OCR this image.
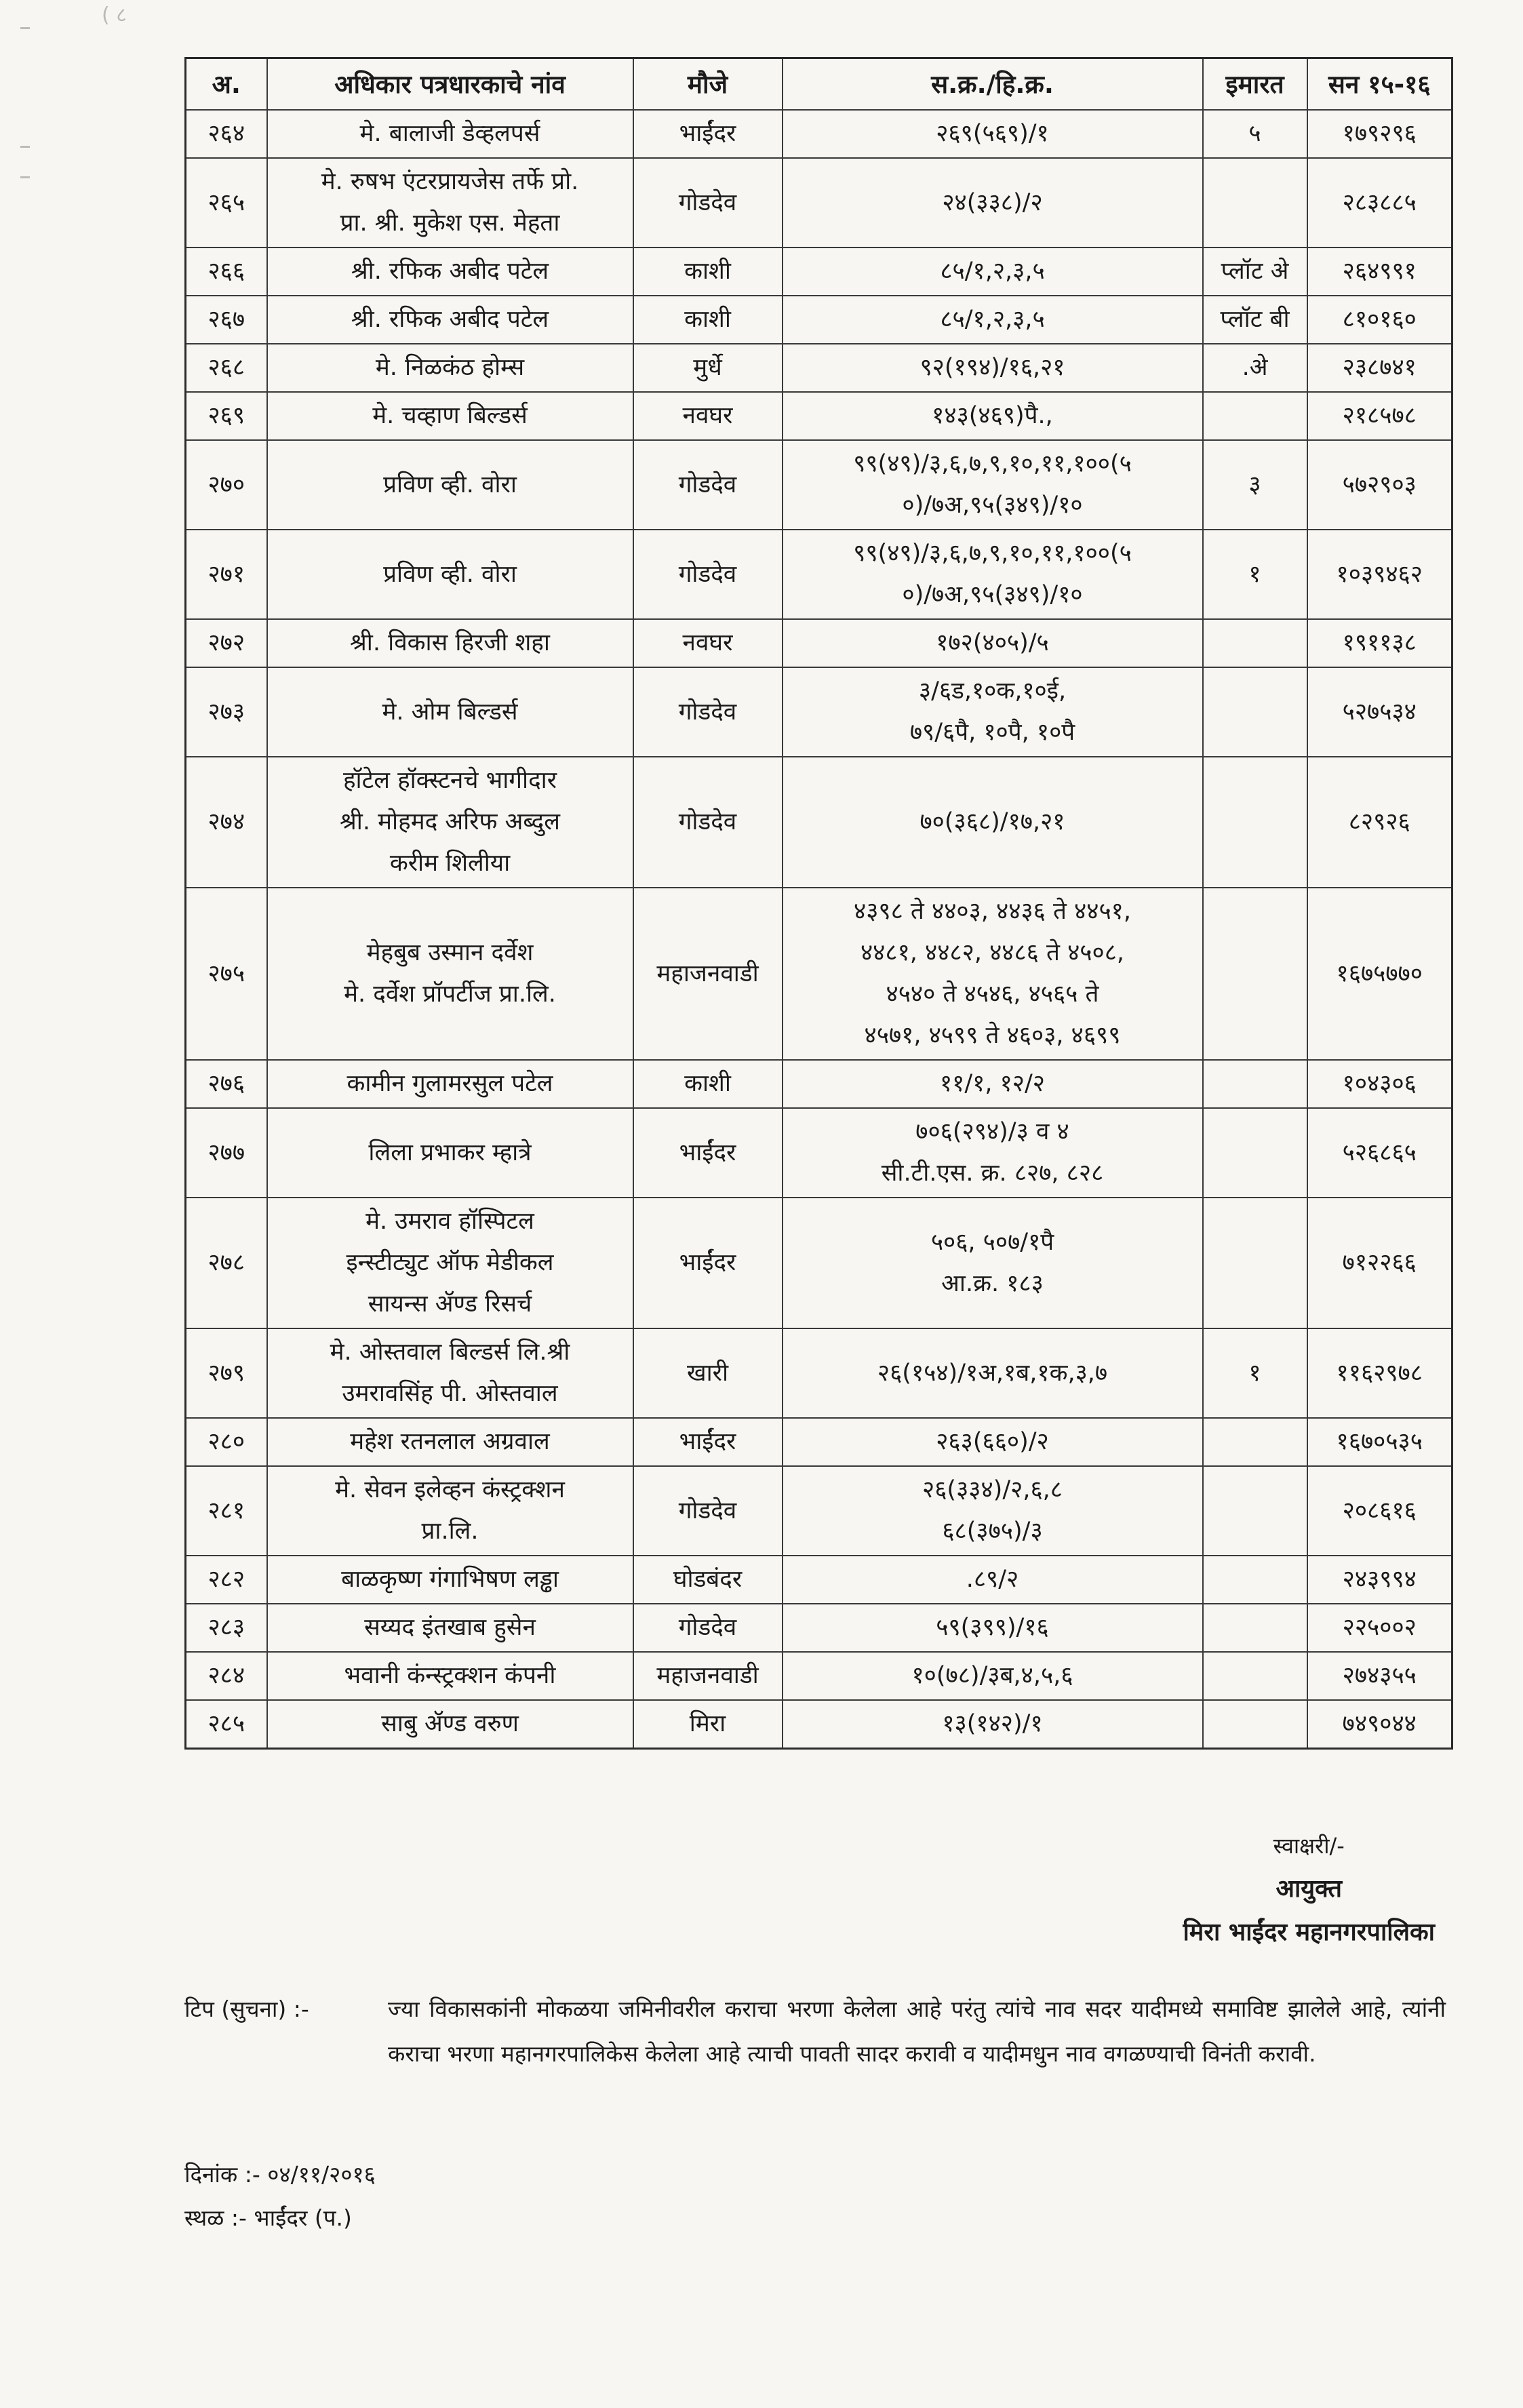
( ८
अ.	अधिकार पत्रधारकाचे नांव	मौजे	स.क्र./हि.क्र.	इमारत	सन १५-१६
२६४	मे. बालाजी डेव्हलपर्स	भाईंदर	२६९(५६९)/१	५	१७९२९६
२६५	मे. रुषभ एंटरप्रायजेस तर्फे प्रो.
प्रा. श्री. मुकेश एस. मेहता	गोडदेव	२४(३३८)/२		२८३८८५
२६६	श्री. रफिक अबीद पटेल	काशी	८५/१,२,३,५	प्लॉट अे	२६४९९१
२६७	श्री. रफिक अबीद पटेल	काशी	८५/१,२,३,५	प्लॉट बी	८१०१६०
२६८	मे. निळकंठ होम्स	मुर्धे	९२(१९४)/१६,२१	.अे	२३८७४१
२६९	मे. चव्हाण बिल्डर्स	नवघर	१४३(४६९)पै.,		२१८५७८
२७०	प्रविण व्ही. वोरा	गोडदेव	९९(४९)/३,६,७,९,१०,११,१००(५
०)/७अ,९५(३४९)/१०	३	५७२९०३
२७१	प्रविण व्ही. वोरा	गोडदेव	९९(४९)/३,६,७,९,१०,११,१००(५
०)/७अ,९५(३४९)/१०	१	१०३९४६२
२७२	श्री. विकास हिरजी शहा	नवघर	१७२(४०५)/५		१९११३८
२७३	मे. ओम बिल्डर्स	गोडदेव	३/६ड,१०क,१०ई,
७९/६पै, १०पै, १०पै		५२७५३४
२७४	हॉटेल हॉक्स्टनचे भागीदार
श्री. मोहमद अरिफ अब्दुल
करीम शिलीया	गोडदेव	७०(३६८)/१७,२१		८२९२६
२७५	मेहबुब उस्मान दर्वेश
मे. दर्वेश प्रॉपर्टीज प्रा.लि.	महाजनवाडी	४३९८ ते ४४०३, ४४३६ ते ४४५१,
४४८१, ४४८२, ४४८६ ते ४५०८,
४५४० ते ४५४६, ४५६५ ते
४५७१, ४५९९ ते ४६०३, ४६९९		१६७५७७०
२७६	कामीन गुलामरसुल पटेल	काशी	११/१, १२/२		१०४३०६
२७७	लिला प्रभाकर म्हात्रे	भाईंदर	७०६(२९४)/३ व ४
सी.टी.एस. क्र. ८२७, ८२८		५२६८६५
२७८	मे. उमराव हॉस्पिटल
इन्स्टीट्युट ऑफ मेडीकल
सायन्स ॲण्ड रिसर्च	भाईंदर	५०६, ५०७/१पै
आ.क्र. १८३		७१२२६६
२७९	मे. ओस्तवाल बिल्डर्स लि.श्री
उमरावसिंह पी. ओस्तवाल	खारी	२६(१५४)/१अ,१ब,१क,३,७	१	११६२९७८
२८०	महेश रतनलाल अग्रवाल	भाईंदर	२६३(६६०)/२		१६७०५३५
२८१	मे. सेवन इलेव्हन कंस्ट्रक्शन
प्रा.लि.	गोडदेव	२६(३३४)/२,६,८
६८(३७५)/३		२०८६१६
२८२	बाळकृष्ण गंगाभिषण लड्ढा	घोडबंदर	.८९/२		२४३९९४
२८३	सय्यद इंतखाब हुसेन	गोडदेव	५९(३९९)/१६		२२५००२
२८४	भवानी कंन्स्ट्रक्शन कंपनी	महाजनवाडी	१०(७८)/३ब,४,५,६		२७४३५५
२८५	साबु ॲण्ड वरुण	मिरा	१३(१४२)/१		७४९०४४
स्वाक्षरी/-
आयुक्त
मिरा भाईंदर महानगरपालिका
टिप (सुचना) :-	ज्या विकासकांनी मोकळया जमिनीवरील कराचा भरणा केलेला आहे परंतु त्यांचे नाव सदर यादीमध्ये समाविष्ट झालेले आहे, त्यांनी कराचा भरणा महानगरपालिकेस केलेला आहे त्याची पावती सादर करावी व यादीमधुन नाव वगळण्याची विनंती करावी.
दिनांक :- ०४/११/२०१६
स्थळ :- भाईंदर (प.)
